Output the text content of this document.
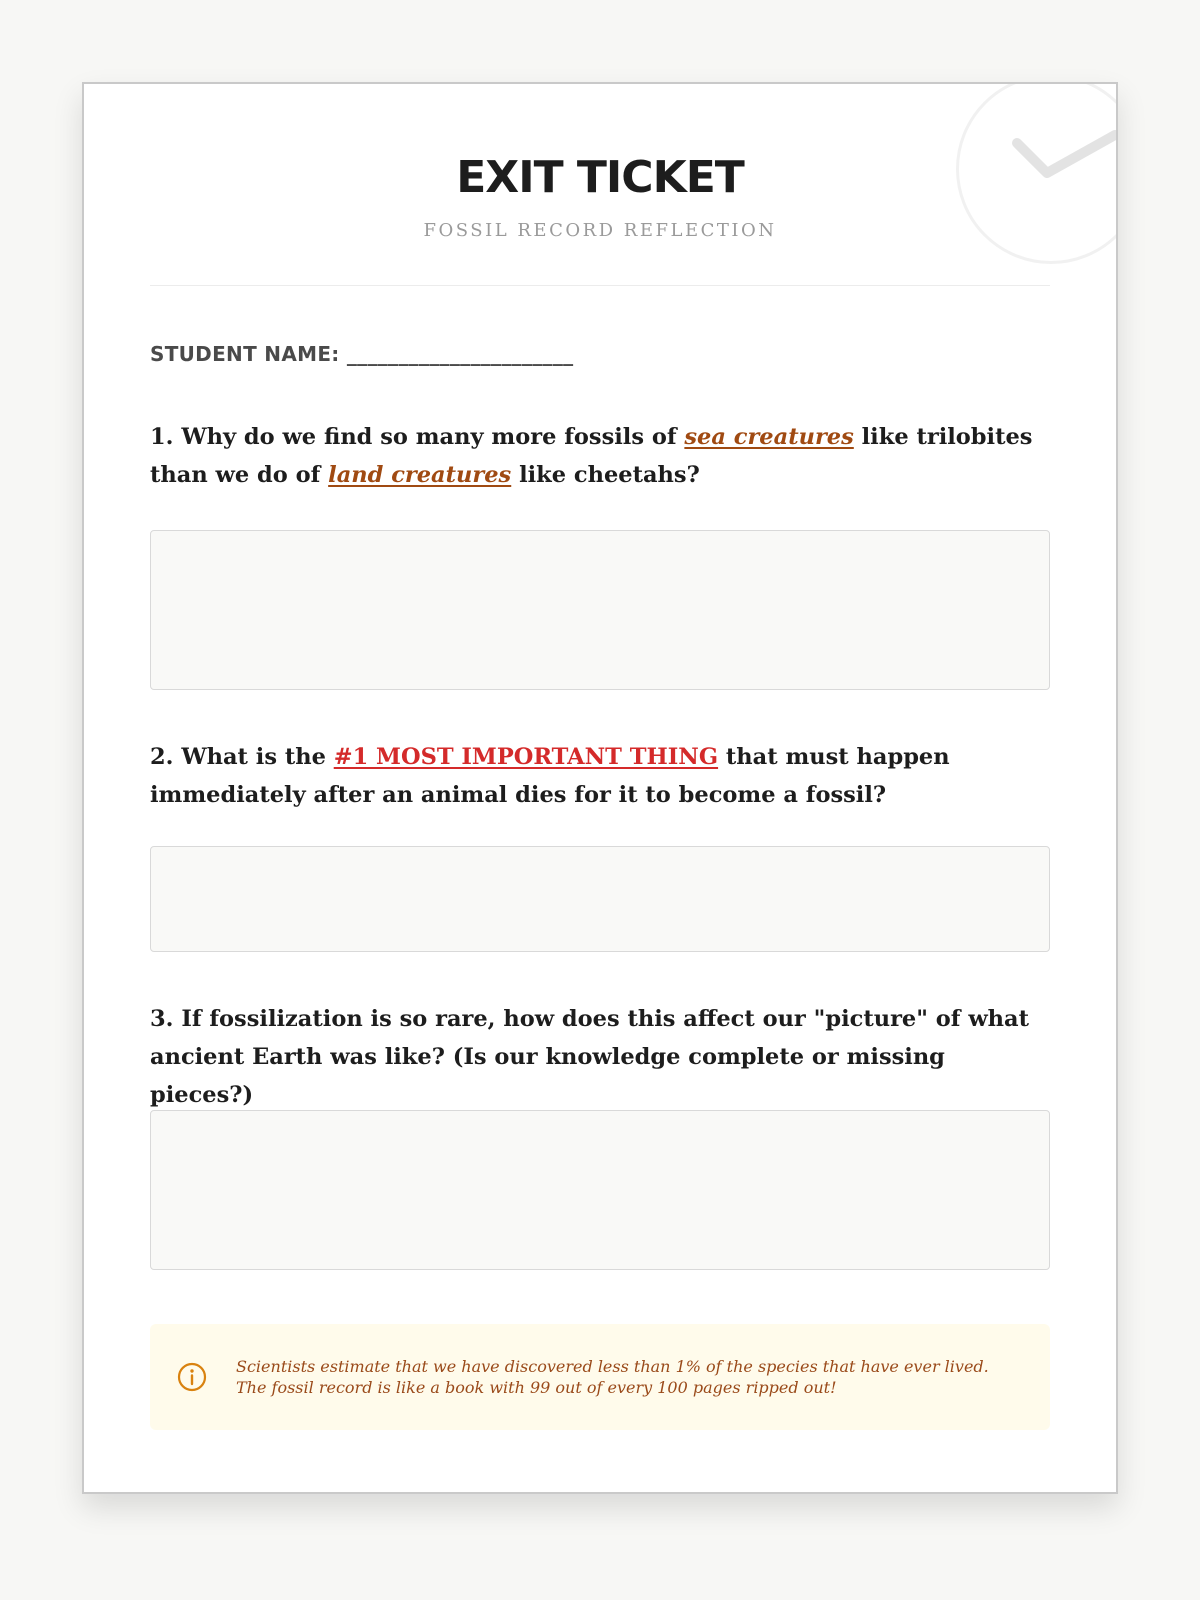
EXIT TICKET
FOSSIL RECORD REFLECTION
STUDENT NAME: ______________________

1. Why do we find so many more fossils of sea creatures like trilobites than we do of land creatures like cheetahs?

2. What is the #1 MOST IMPORTANT THING that must happen immediately after an animal dies for it to become a fossil?

3. If fossilization is so rare, how does this affect our "picture" of what ancient Earth was like? (Is our knowledge complete or missing pieces?)

Scientists estimate that we have discovered less than 1% of the species that have ever lived. The fossil record is like a book with 99 out of every 100 pages ripped out!
